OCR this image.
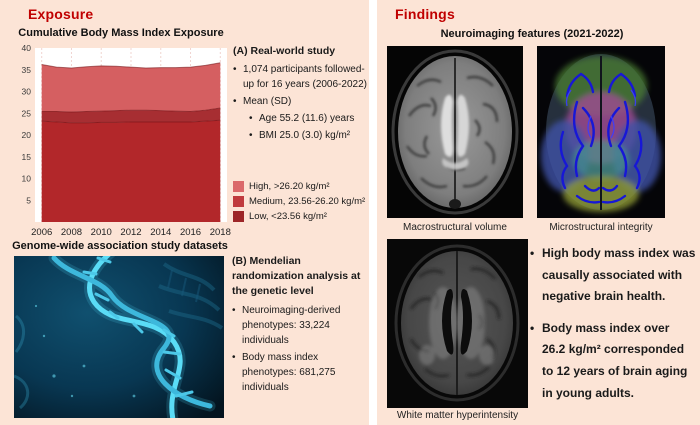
Exposure
Cumulative Body Mass Index Exposure
5
10
15
20
25
30
35
40
2006 2008 2010 2012 2014 2016 2018
(A) Real-world study
• 1,074 participants followed-up for 16 years (2006-2022)
• Mean (SD)
• Age 55.2 (11.6) years
• BMI 25.0 (3.0) kg/m²
High, >26.20 kg/m²
Medium, 23.56-26.20 kg/m²
Low, <23.56 kg/m²
Genome-wide association study datasets
(B) Mendelian randomization analysis at the genetic level
• Neuroimaging-derived phenotypes: 33,224 individuals
• Body mass index phenotypes: 681,275 individuals
Findings
Neuroimaging features (2021-2022)
Macrostructural volume	Microstructural integrity
White matter hyperintensity
• High body mass index was causally associated with negative brain health.
• Body mass index over 26.2 kg/m² corresponded to 12 years of brain aging in young adults.
